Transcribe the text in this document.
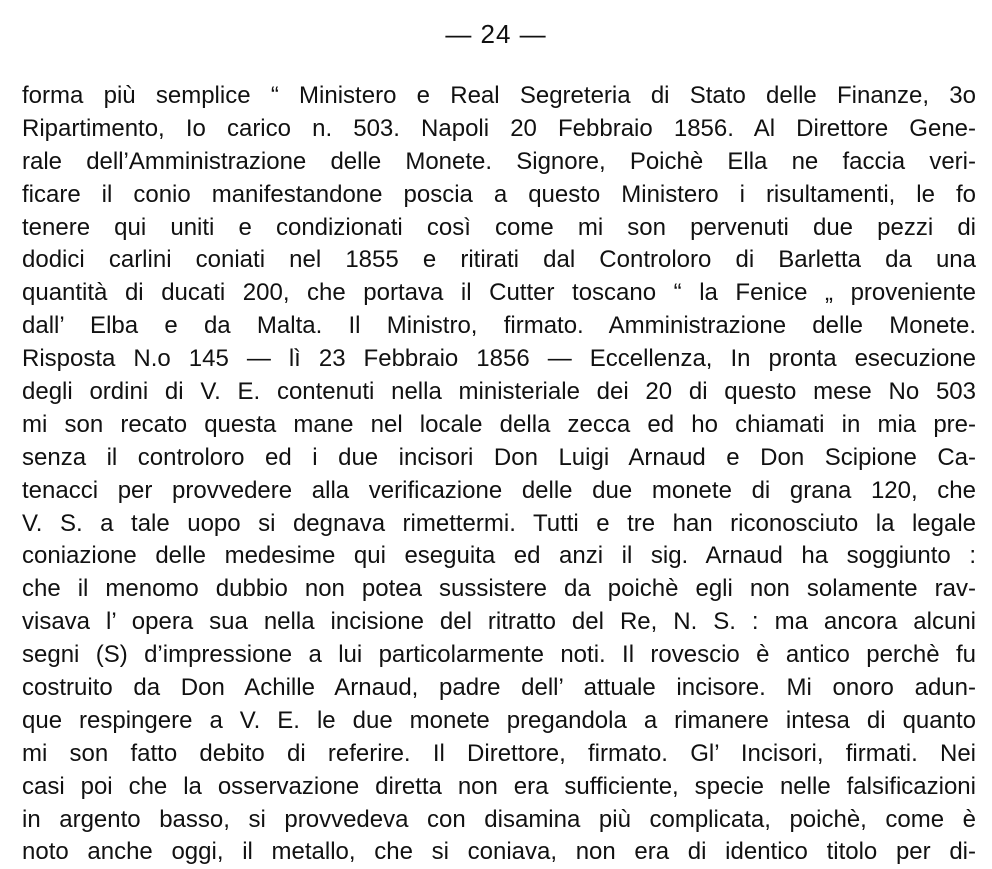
— 24 —
forma più semplice “ Ministero e Real Segreteria di Stato delle Finanze, 3o
Ripartimento, Io carico n. 503. Napoli 20 Febbraio 1856. Al Direttore Gene-
rale dell’Amministrazione delle Monete. Signore, Poichè Ella ne faccia veri-
ficare il conio manifestandone poscia a questo Ministero i risultamenti, le fo
tenere qui uniti e condizionati così come mi son pervenuti due pezzi di
dodici carlini coniati nel 1855 e ritirati dal Controloro di Barletta da una
quantità di ducati 200, che portava il Cutter toscano “ la Fenice „ proveniente
dall’ Elba e da Malta. Il Ministro, firmato. Amministrazione delle Monete.
Risposta N.o 145 — lì 23 Febbraio 1856 — Eccellenza, In pronta esecuzione
degli ordini di V. E. contenuti nella ministeriale dei 20 di questo mese No 503
mi son recato questa mane nel locale della zecca ed ho chiamati in mia pre-
senza il controloro ed i due incisori Don Luigi Arnaud e Don Scipione Ca-
tenacci per provvedere alla verificazione delle due monete di grana 120, che
V. S. a tale uopo si degnava rimettermi. Tutti e tre han riconosciuto la legale
coniazione delle medesime qui eseguita ed anzi il sig. Arnaud ha soggiunto :
che il menomo dubbio non potea sussistere da poichè egli non solamente rav-
visava l’ opera sua nella incisione del ritratto del Re, N. S. : ma ancora alcuni
segni (S) d’impressione a lui particolarmente noti. Il rovescio è antico perchè fu
costruito da Don Achille Arnaud, padre dell’ attuale incisore. Mi onoro adun-
que respingere a V. E. le due monete pregandola a rimanere intesa di quanto
mi son fatto debito di referire. Il Direttore, firmato. Gl’ Incisori, firmati. Nei
casi poi che la osservazione diretta non era sufficiente, specie nelle falsificazioni
in argento basso, si provvedeva con disamina più complicata, poichè, come è
noto anche oggi, il metallo, che si coniava, non era di identico titolo per di-
